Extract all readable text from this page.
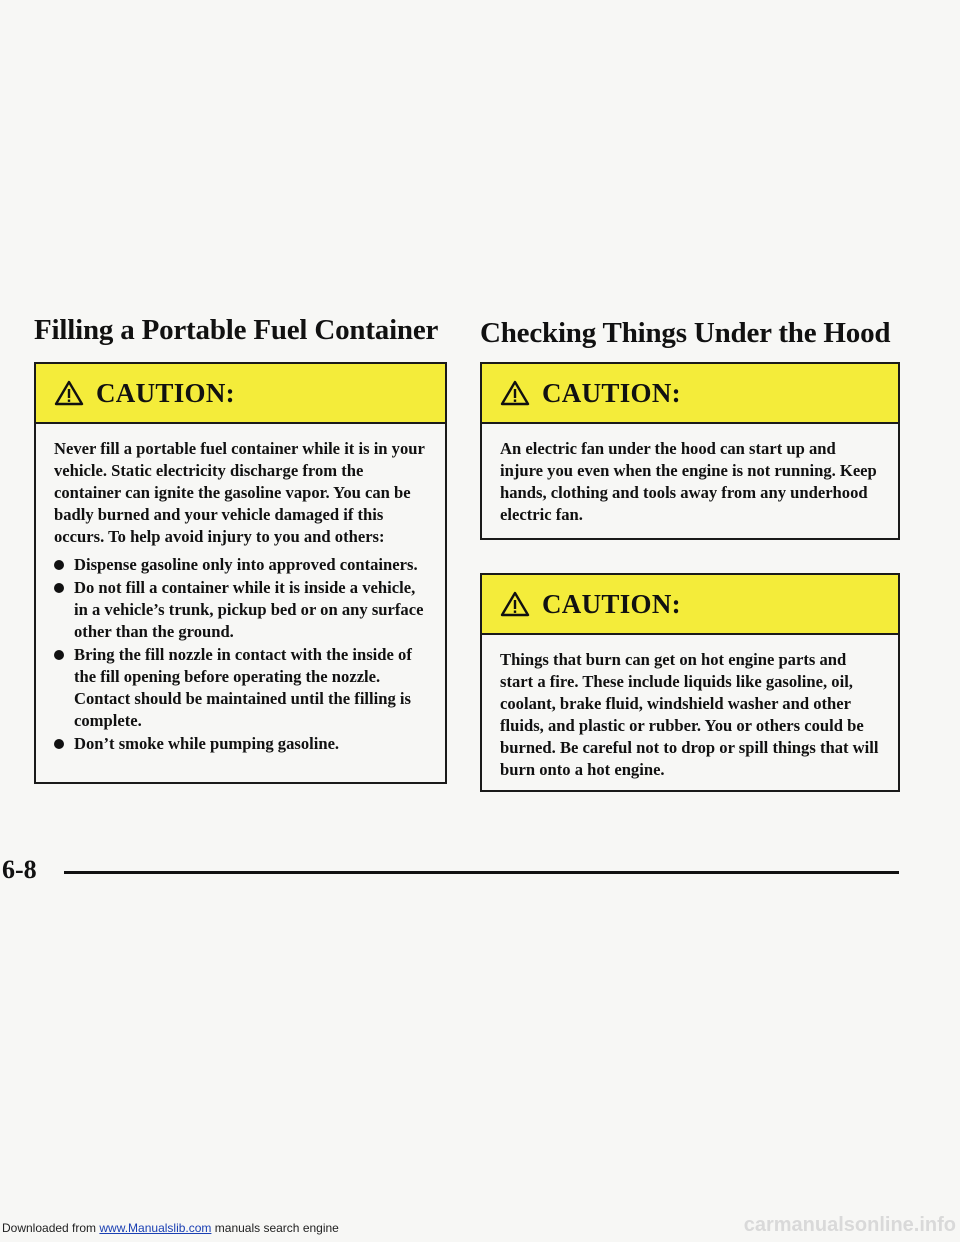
Filling a Portable Fuel Container
CAUTION:

Never fill a portable fuel container while it is in your vehicle. Static electricity discharge from the container can ignite the gasoline vapor. You can be badly burned and your vehicle damaged if this occurs. To help avoid injury to you and others:

Dispense gasoline only into approved containers.
Do not fill a container while it is inside a vehicle, in a vehicle’s trunk, pickup bed or on any surface other than the ground.
Bring the fill nozzle in contact with the inside of the fill opening before operating the nozzle. Contact should be maintained until the filling is complete.
Don’t smoke while pumping gasoline.
Checking Things Under the Hood
CAUTION:

An electric fan under the hood can start up and injure you even when the engine is not running. Keep hands, clothing and tools away from any underhood electric fan.

CAUTION:

Things that burn can get on hot engine parts and start a fire. These include liquids like gasoline, oil, coolant, brake fluid, windshield washer and other fluids, and plastic or rubber. You or others could be burned. Be careful not to drop or spill things that will burn onto a hot engine.

6-8
Downloaded from www.Manualslib.com manuals search engine	carmanualsonline.info
